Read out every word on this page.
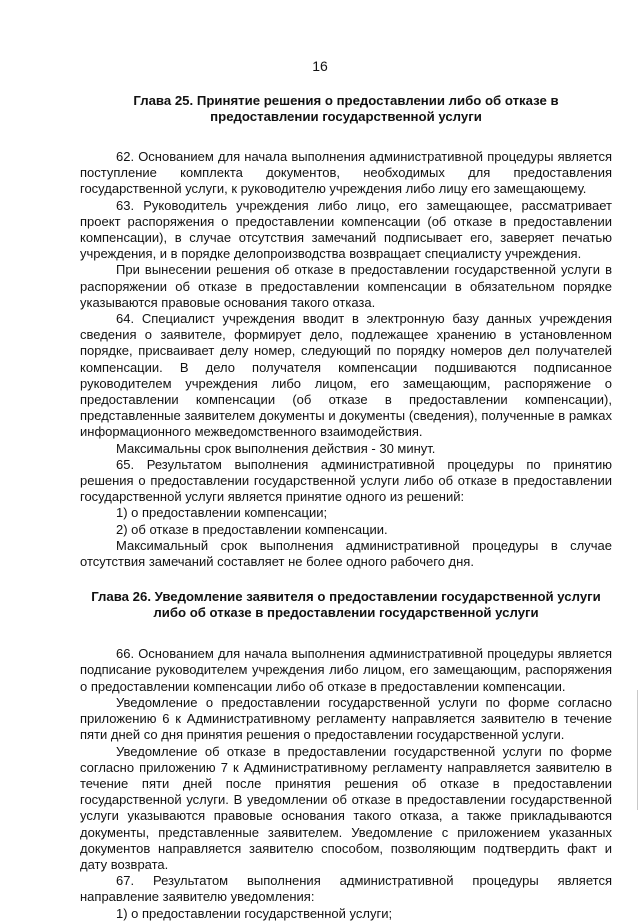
16
Глава 25. Принятие решения о предоставлении либо об отказе в предоставлении государственной услуги

62. Основанием для начала выполнения административной процедуры является поступление комплекта документов, необходимых для предоставления государственной услуги, к руководителю учреждения либо лицу его замещающему.

63. Руководитель учреждения либо лицо, его замещающее, рассматривает проект распоряжения о предоставлении компенсации (об отказе в предоставлении компенсации), в случае отсутствия замечаний подписывает его, заверяет печатью учреждения, и в порядке делопроизводства возвращает специалисту учреждения.

При вынесении решения об отказе в предоставлении государственной услуги в распоряжении об отказе в предоставлении компенсации в обязательном порядке указываются правовые основания такого отказа.

64. Специалист учреждения вводит в электронную базу данных учреждения сведения о заявителе, формирует дело, подлежащее хранению в установленном порядке, присваивает делу номер, следующий по порядку номеров дел получателей компенсации. В дело получателя компенсации подшиваются подписанное руководителем учреждения либо лицом, его замещающим, распоряжение о предоставлении компенсации (об отказе в предоставлении компенсации), представленные заявителем документы и документы (сведения), полученные в рамках информационного межведомственного взаимодействия.

Максимальны срок выполнения действия - 30 минут.

65. Результатом выполнения административной процедуры по принятию решения о предоставлении государственной услуги либо об отказе в предоставлении государственной услуги является принятие одного из решений:

1) о предоставлении компенсации;

2) об отказе в предоставлении компенсации.

Максимальный срок выполнения административной процедуры в случае отсутствия замечаний составляет не более одного рабочего дня.

Глава 26. Уведомление заявителя о предоставлении государственной услуги либо об отказе в предоставлении государственной услуги

66. Основанием для начала выполнения административной процедуры является подписание руководителем учреждения либо лицом, его замещающим, распоряжения о предоставлении компенсации либо об отказе в предоставлении компенсации.

Уведомление о предоставлении государственной услуги по форме согласно приложению 6 к Административному регламенту направляется заявителю в течение пяти дней со дня принятия решения о предоставлении государственной услуги.

Уведомление об отказе в предоставлении государственной услуги по форме согласно приложению 7 к Административному регламенту направляется заявителю в течение пяти дней после принятия решения об отказе в предоставлении государственной услуги. В уведомлении об отказе в предоставлении государственной услуги указываются правовые основания такого отказа, а также прикладываются документы, представленные заявителем. Уведомление с приложением указанных документов направляется заявителю способом, позволяющим подтвердить факт и дату возврата.

67. Результатом выполнения административной процедуры является направление заявителю уведомления:

1) о предоставлении государственной услуги;
